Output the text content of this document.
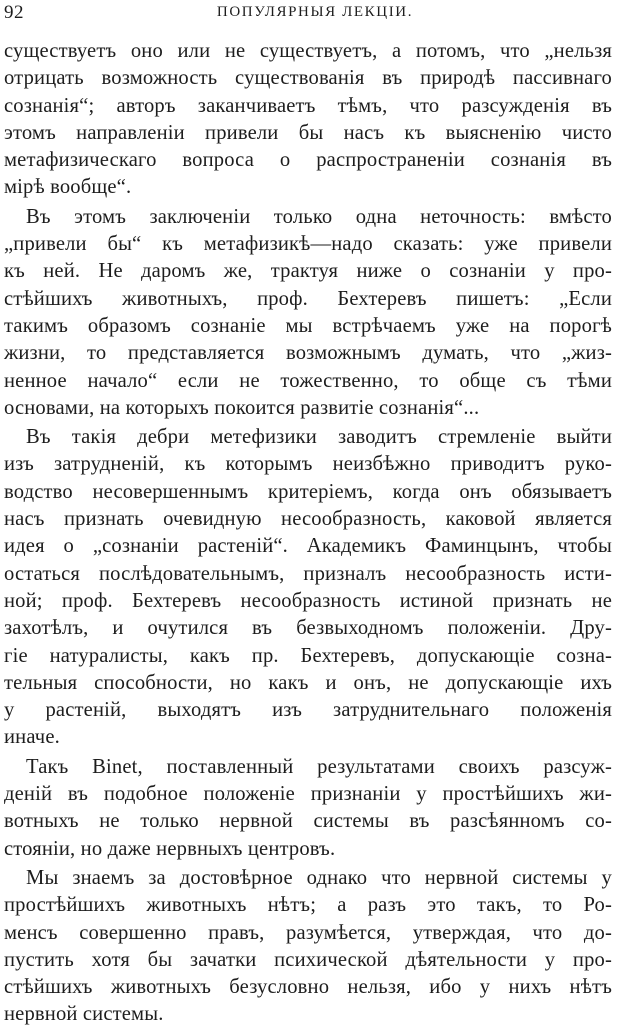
92	ПОПУЛЯРНЫЯ ЛЕКЦІИ.
существуетъ оно или не существуетъ, а потомъ, что „нельзя
отрицать возможность существованія въ природѣ пассивнаго
сознанія“; авторъ заканчиваетъ тѣмъ, что разсужденія въ
этомъ направленіи привели бы насъ къ выясненію чисто
метафизическаго вопроса о распространеніи сознанія въ
мірѣ вообще“.
Въ этомъ заключеніи только одна неточность: вмѣсто
„привели бы“ къ метафизикѣ—надо сказать: уже привели
къ ней. Не даромъ же, трактуя ниже о сознаніи у про-
стѣйшихъ животныхъ, проф. Бехтеревъ пишетъ: „Если
такимъ образомъ сознаніе мы встрѣчаемъ уже на порогѣ
жизни, то представляется возможнымъ думать, что „жиз-
ненное начало“ если не тожественно, то обще съ тѣми
основами, на которыхъ покоится развитіе сознанія“...
Въ такія дебри метефизики заводитъ стремленіе выйти
изъ затрудненій, къ которымъ неизбѣжно приводитъ руко-
водство несовершеннымъ критеріемъ, когда онъ обязываетъ
насъ признать очевидную несообразность, каковой является
идея о „сознаніи растеній“. Академикъ Фаминцынъ, чтобы
остаться послѣдовательнымъ, призналъ несообразность исти-
ной; проф. Бехтеревъ несообразность истиной признать не
захотѣлъ, и очутился въ безвыходномъ положеніи. Дру-
гіе натуралисты, какъ пр. Бехтеревъ, допускающіе созна-
тельныя способности, но какъ и онъ, не допускающіе ихъ
у растеній, выходятъ изъ затруднительнаго положенія
иначе.
Такъ Binet, поставленный результатами своихъ разсуж-
деній въ подобное положеніе признаніи у простѣйшихъ жи-
вотныхъ не только нервной системы въ разсѣянномъ со-
стояніи, но даже нервныхъ центровъ.
Мы знаемъ за достовѣрное однако что нервной системы у
простѣйшихъ животныхъ нѣтъ; а разъ это такъ, то Ро-
менсъ совершенно правъ, разумѣется, утверждая, что до-
пустить хотя бы зачатки психической дѣятельности у про-
стѣйшихъ животныхъ безусловно нельзя, ибо у нихъ нѣтъ
нервной системы.
